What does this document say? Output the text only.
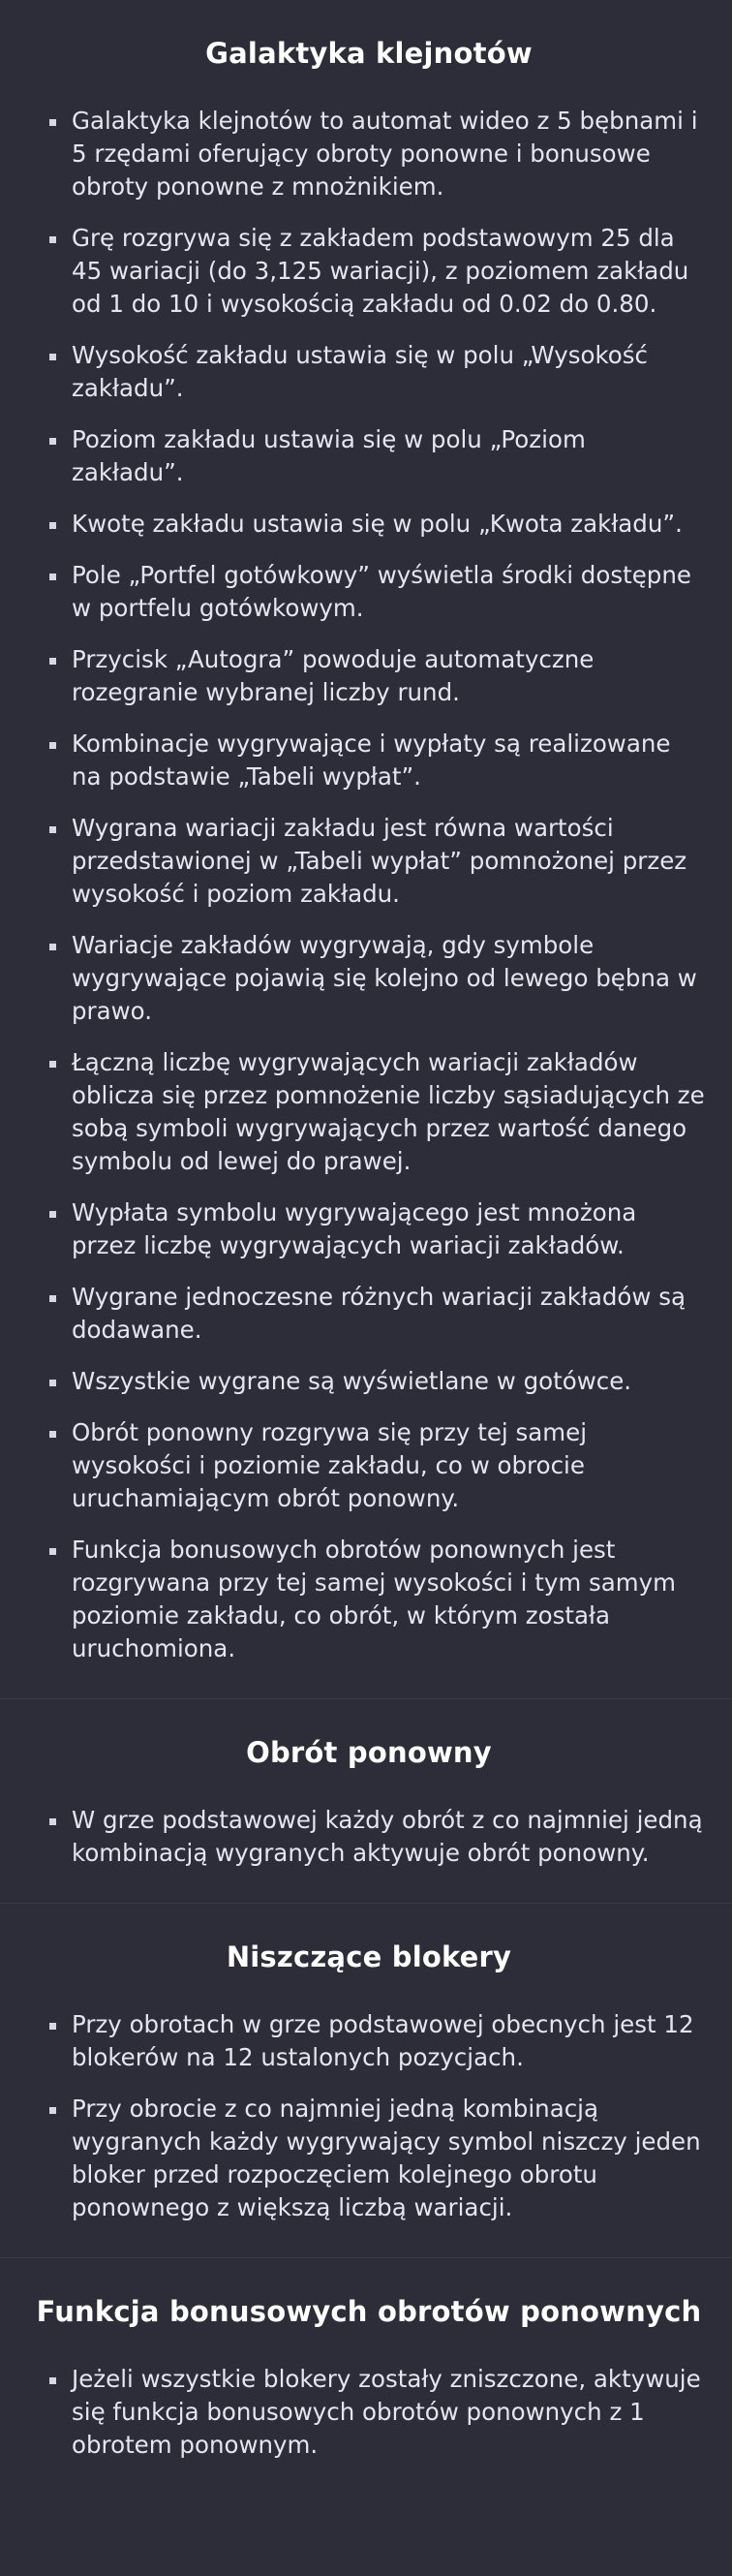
Galaktyka klejnotów
Galaktyka klejnotów to automat wideo z 5 bębnami i 5 rzędami oferujący obroty ponowne i bonusowe obroty ponowne z mnożnikiem.
Grę rozgrywa się z zakładem podstawowym 25 dla 45 wariacji (do 3,125 wariacji), z poziomem zakładu od 1 do 10 i wysokością zakładu od 0.02 do 0.80.
Wysokość zakładu ustawia się w polu „Wysokość zakładu”.
Poziom zakładu ustawia się w polu „Poziom zakładu”.
Kwotę zakładu ustawia się w polu „Kwota zakładu”.
Pole „Portfel gotówkowy” wyświetla środki dostępne w portfelu gotówkowym.
Przycisk „Autogra” powoduje automatyczne rozegranie wybranej liczby rund.
Kombinacje wygrywające i wypłaty są realizowane na podstawie „Tabeli wypłat”.
Wygrana wariacji zakładu jest równa wartości przedstawionej w „Tabeli wypłat” pomnożonej przez wysokość i poziom zakładu.
Wariacje zakładów wygrywają, gdy symbole wygrywające pojawią się kolejno od lewego bębna w prawo.
Łączną liczbę wygrywających wariacji zakładów oblicza się przez pomnożenie liczby sąsiadujących ze sobą symboli wygrywających przez wartość danego symbolu od lewej do prawej.
Wypłata symbolu wygrywającego jest mnożona przez liczbę wygrywających wariacji zakładów.
Wygrane jednoczesne różnych wariacji zakładów są dodawane.
Wszystkie wygrane są wyświetlane w gotówce.
Obrót ponowny rozgrywa się przy tej samej wysokości i poziomie zakładu, co w obrocie uruchamiającym obrót ponowny.
Funkcja bonusowych obrotów ponownych jest rozgrywana przy tej samej wysokości i tym samym poziomie zakładu, co obrót, w którym została uruchomiona.
Obrót ponowny
W grze podstawowej każdy obrót z co najmniej jedną kombinacją wygranych aktywuje obrót ponowny.
Niszczące blokery
Przy obrotach w grze podstawowej obecnych jest 12 blokerów na 12 ustalonych pozycjach.
Przy obrocie z co najmniej jedną kombinacją wygranych każdy wygrywający symbol niszczy jeden bloker przed rozpoczęciem kolejnego obrotu ponownego z większą liczbą wariacji.
Funkcja bonusowych obrotów ponownych
Jeżeli wszystkie blokery zostały zniszczone, aktywuje się funkcja bonusowych obrotów ponownych z 1 obrotem ponownym.
